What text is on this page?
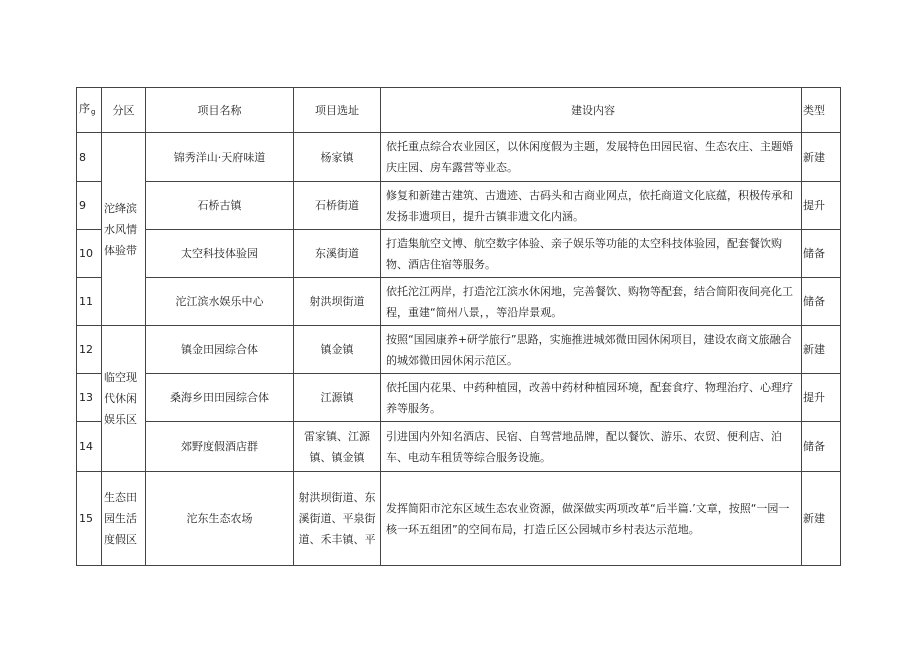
序g	分区	项目名称	项目选址	建设内容	类型
8	沱绛滨水风情体验带	锦秀洋山·天府味道	杨家镇	依托重点综合农业园区，以休闲度假为主题，发展特色田园民宿、生态农庄、主题婚庆庄园、房车露营等业态。	新建
9		石桥古镇	石桥街道	修复和新建古建筑、古遗迹、古码头和古商业网点，依托商道文化底蕴，积极传承和发扬非遗项目，提升古镇非遗文化内涵。	提升
10		太空科技体验园	东溪街道	打造集航空文博、航空数字体验、亲子娱乐等功能的太空科技体验园，配套餐饮购物、酒店住宿等服务。	储备
11		沱江滨水娱乐中心	射洪坝街道	依托沱江两岸，打造沱江滨水休闲地，完善餐饮、购物等配套，结合简阳夜间亮化工程，重建“简州八景，，等沿岸景观。	储备
12	临空现代休闲娱乐区	镇金田园综合体	镇金镇	按照“国园康养+研学旅行”思路，实施推进城郊微田园休闲项目，建设农商文旅融合的城郊微田园休闲示范区。	新建
13		桑海乡田田园综合体	江源镇	依托国内花果、中药种植园，改善中药材种植园环境，配套食疗、物理治疗、心理疗养等服务。	提升
14		郊野度假酒店群	雷家镇、江源镇、镇金镇	引进国内外知名酒店、民宿、自驾营地品牌，配以餐饮、游乐、农贸、便利店、泊车、电动车租赁等综合服务设施。	储备
15	生态田园生活度假区	沱东生态农场	射洪坝街道、东溪街道、平泉街道、禾丰镇、平	发挥简阳市沱东区域生态农业资源，做深做实两项改革“后半篇.’文章，按照“一园一核一环五组团”的空间布局，打造丘区公园城市乡村表达示范地。	新建
